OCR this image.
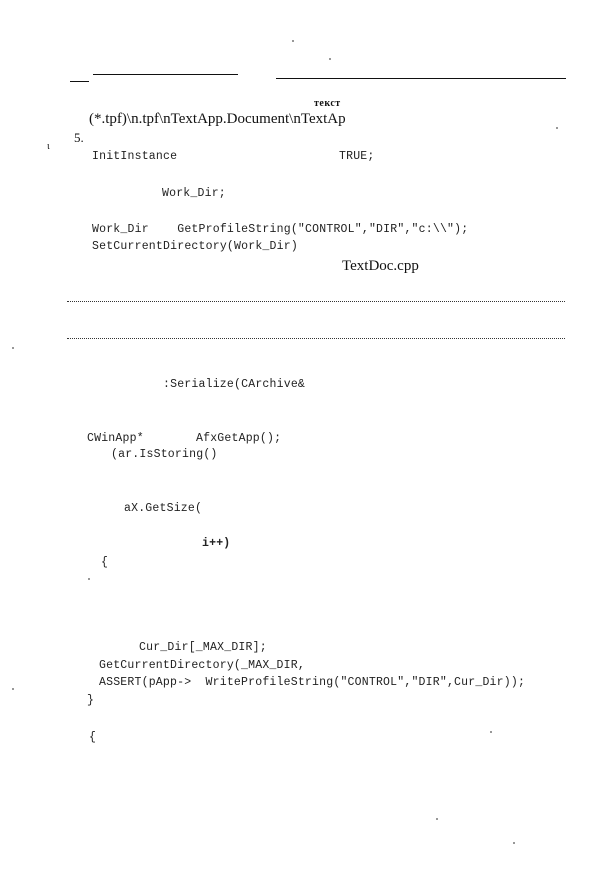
текст
(*.tpf)\n.tpf\nTextApp.Document\nTextAp
5.
ɩ
InitInstance	TRUE;
Work_Dir;
Work_Dir    GetProfileString("CONTROL","DIR","c:\\");
SetCurrentDirectory(Work_Dir)
TextDoc.cpp
:Serialize(CArchive&
CWinApp*	AfxGetApp();
(ar.IsStoring()
aX.GetSize(
i++)
{
Cur_Dir[_MAX_DIR];
GetCurrentDirectory(_MAX_DIR,
ASSERT(pApp->  WriteProfileString("CONTROL","DIR",Cur_Dir));
}
{
